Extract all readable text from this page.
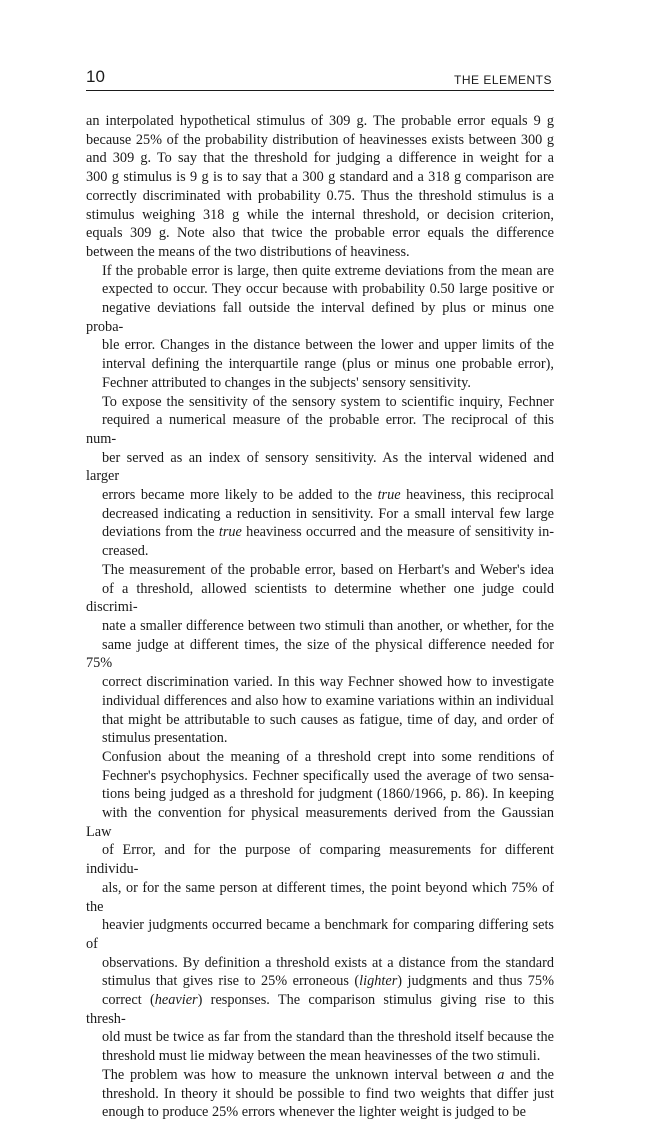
10	THE ELEMENTS

an interpolated hypothetical stimulus of 309 g. The probable error equals 9 g
because 25% of the probability distribution of heavinesses exists between 300 g
and 309 g. To say that the threshold for judging a difference in weight for a
300 g stimulus is 9 g is to say that a 300 g standard and a 318 g comparison are
correctly discriminated with probability 0.75. Thus the threshold stimulus is a
stimulus weighing 318 g while the internal threshold, or decision criterion,
equals 309 g. Note also that twice the probable error equals the difference
between the means of the two distributions of heaviness.

If the probable error is large, then quite extreme deviations from the mean are
expected to occur. They occur because with probability 0.50 large positive or
negative deviations fall outside the interval defined by plus or minus one proba-
ble error. Changes in the distance between the lower and upper limits of the
interval defining the interquartile range (plus or minus one probable error),
Fechner attributed to changes in the subjects' sensory sensitivity.

To expose the sensitivity of the sensory system to scientific inquiry, Fechner
required a numerical measure of the probable error. The reciprocal of this num-
ber served as an index of sensory sensitivity. As the interval widened and larger
errors became more likely to be added to the true heaviness, this reciprocal
decreased indicating a reduction in sensitivity. For a small interval few large
deviations from the true heaviness occurred and the measure of sensitivity in-
creased.

The measurement of the probable error, based on Herbart's and Weber's idea
of a threshold, allowed scientists to determine whether one judge could discrimi-
nate a smaller difference between two stimuli than another, or whether, for the
same judge at different times, the size of the physical difference needed for 75%
correct discrimination varied. In this way Fechner showed how to investigate
individual differences and also how to examine variations within an individual
that might be attributable to such causes as fatigue, time of day, and order of
stimulus presentation.

Confusion about the meaning of a threshold crept into some renditions of
Fechner's psychophysics. Fechner specifically used the average of two sensa-
tions being judged as a threshold for judgment (1860/1966, p. 86). In keeping
with the convention for physical measurements derived from the Gaussian Law
of Error, and for the purpose of comparing measurements for different individu-
als, or for the same person at different times, the point beyond which 75% of the
heavier judgments occurred became a benchmark for comparing differing sets of
observations. By definition a threshold exists at a distance from the standard
stimulus that gives rise to 25% erroneous (lighter) judgments and thus 75%
correct (heavier) responses. The comparison stimulus giving rise to this thresh-
old must be twice as far from the standard than the threshold itself because the
threshold must lie midway between the mean heavinesses of the two stimuli.

The problem was how to measure the unknown interval between a and the
threshold. In theory it should be possible to find two weights that differ just
enough to produce 25% errors whenever the lighter weight is judged to be
